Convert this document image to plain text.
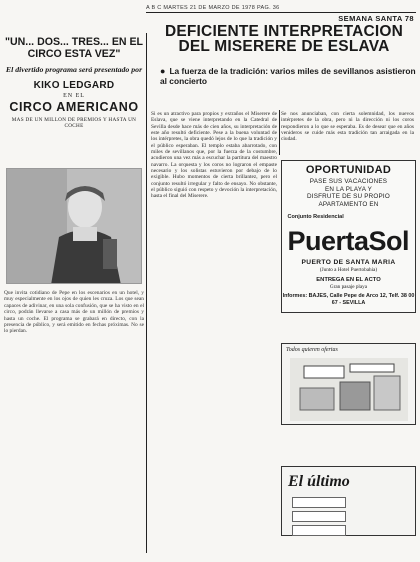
A B C MARTES 21 DE MARZO DE 1978 PAG. 36
SEMANA SANTA 78
DEFICIENTE INTERPRETACION DEL MISERERE DE ESLAVA
● La fuerza de la tradición: varios miles de sevillanos asistieron al concierto
Si es un atractivo para propios y extraños el Miserere de Eslava, que se viene interpretando en la Catedral de Sevilla desde hace más de cien años, su interpretación de este año resultó deficiente. Pese a la buena voluntad de los intérpretes, la obra quedó lejos de lo que la tradición y el público esperaban. El templo estaba abarrotado, con miles de sevillanos que, por la fuerza de la costumbre, acudieron una vez más a escuchar la partitura del maestro navarro. La orquesta y los coros no lograron el empaste necesario y los solistas estuvieron por debajo de lo exigible. Hubo momentos de cierta brillantez, pero el conjunto resultó irregular y falto de ensayo. No obstante, el público siguió con respeto y devoción la interpretación, hasta el final del Miserere.
Se nos anunciaban, con cierta solemnidad, los nuevos intérpretes de la obra, pero ni la dirección ni los coros respondieron a lo que se esperaba. Es de desear que en años venideros se cuide más esta tradición tan arraigada en la ciudad.
"UN... DOS... TRES... EN EL CIRCO ESTA VEZ"
El divertido programa será presentado por
KIKO LEDGARD
EN EL
CIRCO AMERICANO
MAS DE UN MILLON DE PREMIOS Y HASTA UN COCHE
Que invita cotidiano de Pepe en los escenarios en un hotel, y muy especialmente en los ojos de quien les cruza. Los que sean capaces de adivinar, en una sola confusión, que se ha visto en el circo, podrán llevarse a casa más de un millón de premios y hasta un coche. El programa se grabará en directo, con la presencia de público, y será emitido en fechas próximas. No se lo pierdan.
OPORTUNIDAD
PASE SUS VACACIONES
EN LA PLAYA Y
DISFRUTE DE SU PROPIO
APARTAMENTO EN
Conjunto Residencial
PuertaSol
PUERTO DE SANTA MARIA
(Junto a Hotel Puertobahia)
ENTREGA EN EL ACTO
Gran pasaje playa
Informes: BAJES, Calle Pepe de Arco 12, Telf. 38 00 67 - SEVILLA
Todos quieren ofertas
El último
